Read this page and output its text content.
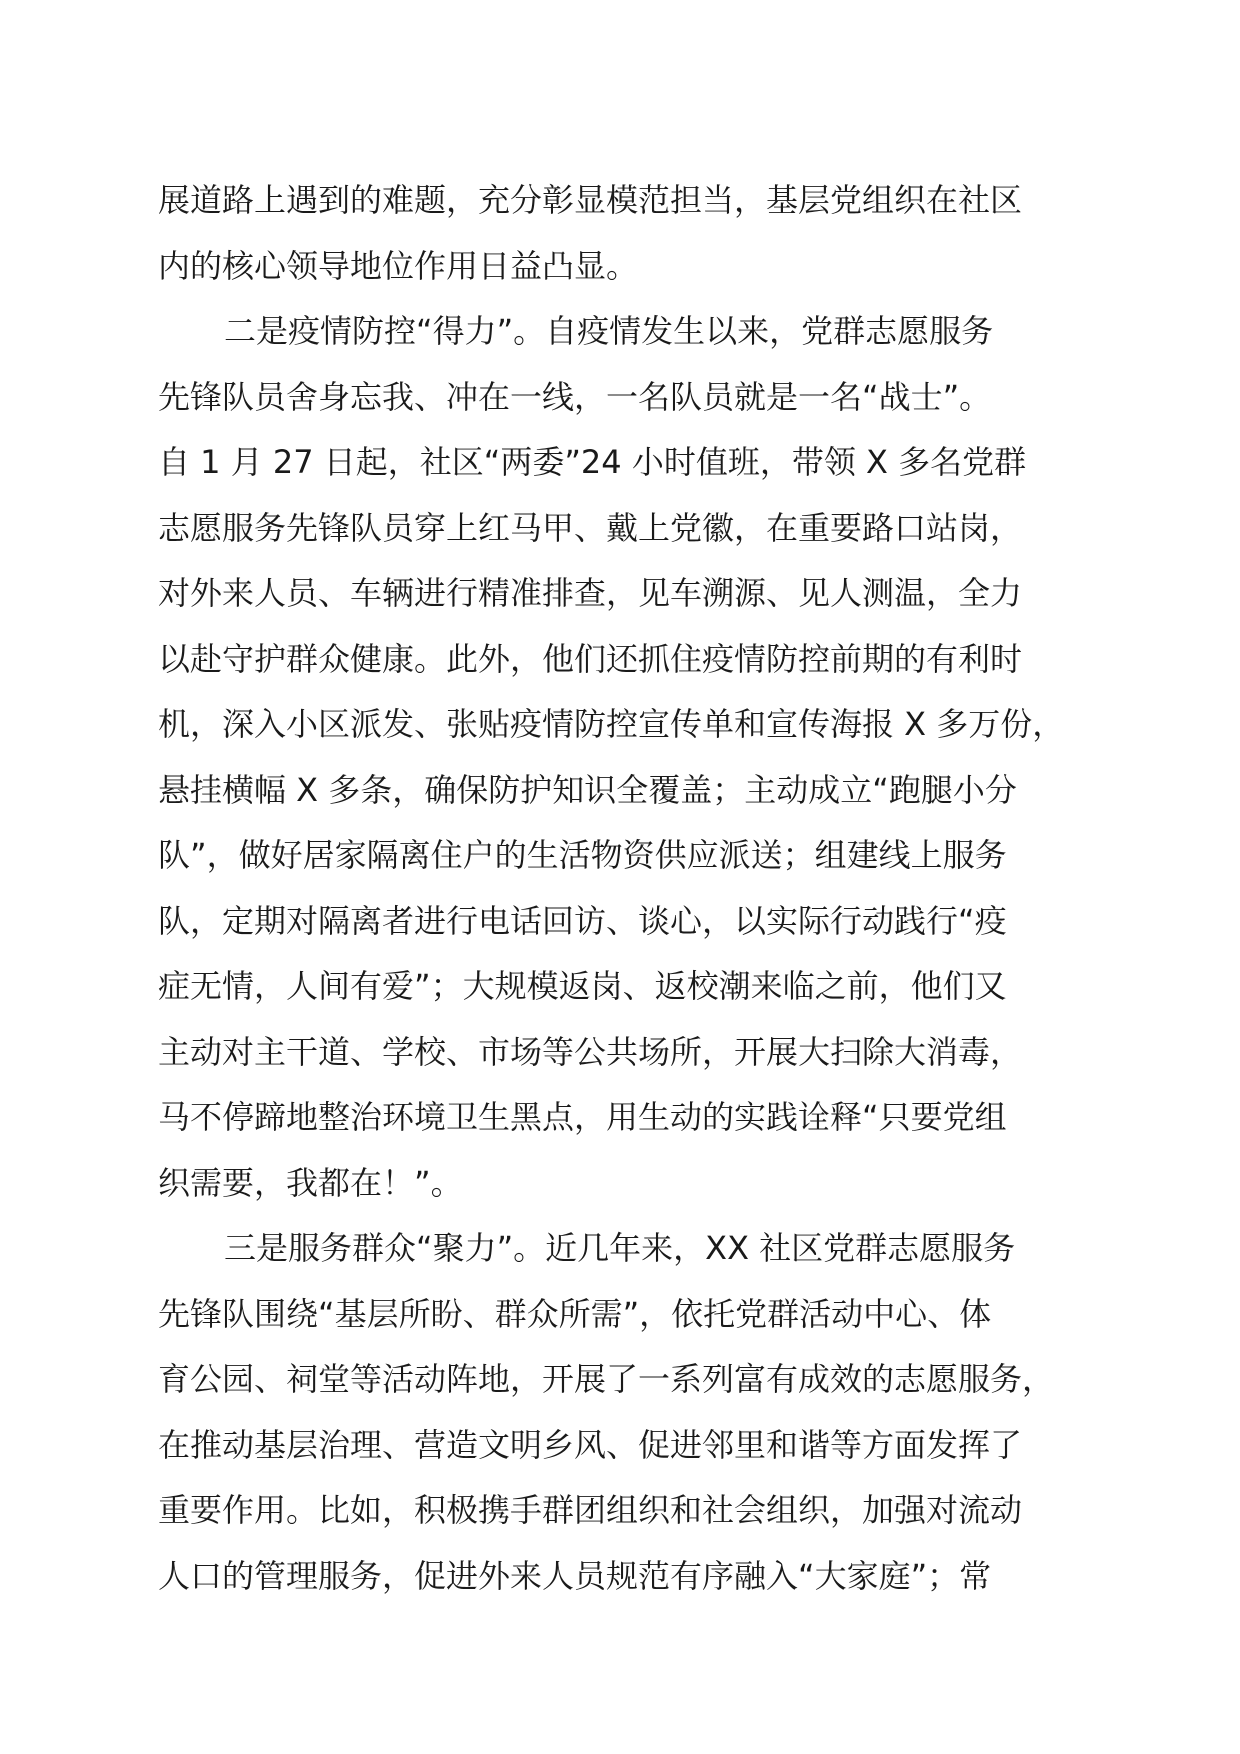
展道路上遇到的难题，充分彰显模范担当，基层党组织在社区
内的核心领导地位作用日益凸显。
二是疫情防控“得力”。自疫情发生以来，党群志愿服务
先锋队员舍身忘我、冲在一线，一名队员就是一名“战士”。
自 1 月 27 日起，社区“两委”24 小时值班，带领 X 多名党群
志愿服务先锋队员穿上红马甲、戴上党徽，在重要路口站岗，
对外来人员、车辆进行精准排查，见车溯源、见人测温，全力
以赴守护群众健康。此外，他们还抓住疫情防控前期的有利时
机，深入小区派发、张贴疫情防控宣传单和宣传海报 X 多万份，
悬挂横幅 X 多条，确保防护知识全覆盖；主动成立“跑腿小分
队”，做好居家隔离住户的生活物资供应派送；组建线上服务
队，定期对隔离者进行电话回访、谈心，以实际行动践行“疫
症无情，人间有爱”；大规模返岗、返校潮来临之前，他们又
主动对主干道、学校、市场等公共场所，开展大扫除大消毒，
马不停蹄地整治环境卫生黑点，用生动的实践诠释“只要党组
织需要，我都在！”。
三是服务群众“聚力”。近几年来，XX 社区党群志愿服务
先锋队围绕“基层所盼、群众所需”，依托党群活动中心、体
育公园、祠堂等活动阵地，开展了一系列富有成效的志愿服务，
在推动基层治理、营造文明乡风、促进邻里和谐等方面发挥了
重要作用。比如，积极携手群团组织和社会组织，加强对流动
人口的管理服务，促进外来人员规范有序融入“大家庭”；常
